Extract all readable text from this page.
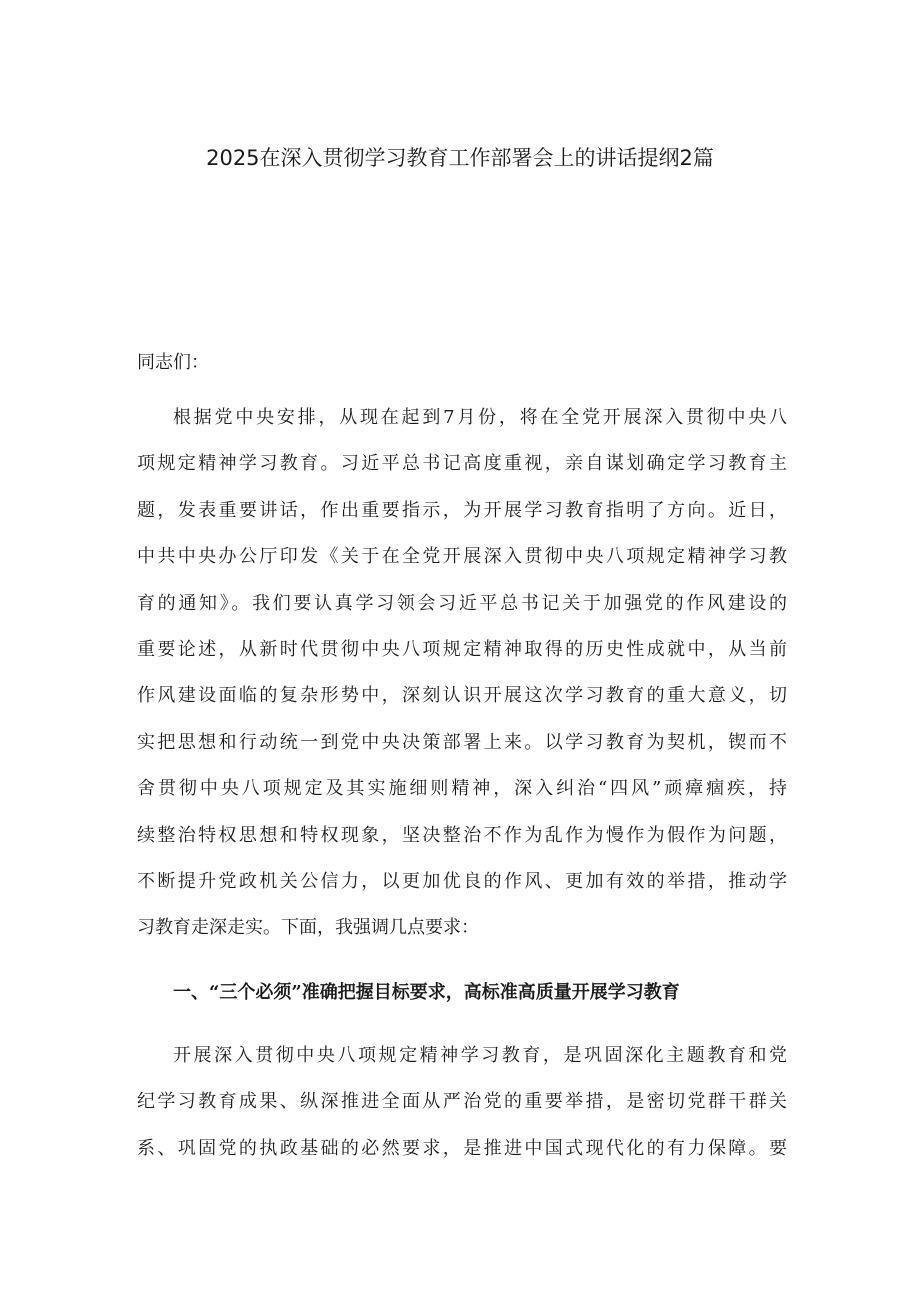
2025在深入贯彻学习教育工作部署会上的讲话提纲2篇

同志们：

根据党中央安排，从现在起到7月份，将在全党开展深入贯彻中央八
项规定精神学习教育。习近平总书记高度重视，亲自谋划确定学习教育主
题，发表重要讲话，作出重要指示，为开展学习教育指明了方向。近日，
中共中央办公厅印发《关于在全党开展深入贯彻中央八项规定精神学习教
育的通知》。我们要认真学习领会习近平总书记关于加强党的作风建设的
重要论述，从新时代贯彻中央八项规定精神取得的历史性成就中，从当前
作风建设面临的复杂形势中，深刻认识开展这次学习教育的重大意义，切
实把思想和行动统一到党中央决策部署上来。以学习教育为契机，锲而不
舍贯彻中央八项规定及其实施细则精神，深入纠治“四风”顽瘴痼疾，持
续整治特权思想和特权现象，坚决整治不作为乱作为慢作为假作为问题，
不断提升党政机关公信力，以更加优良的作风、更加有效的举措，推动学
习教育走深走实。下面，我强调几点要求：
一、“三个必须”准确把握目标要求，高标准高质量开展学习教育
开展深入贯彻中央八项规定精神学习教育，是巩固深化主题教育和党
纪学习教育成果、纵深推进全面从严治党的重要举措，是密切党群干群关
系、巩固党的执政基础的必然要求，是推进中国式现代化的有力保障。要
